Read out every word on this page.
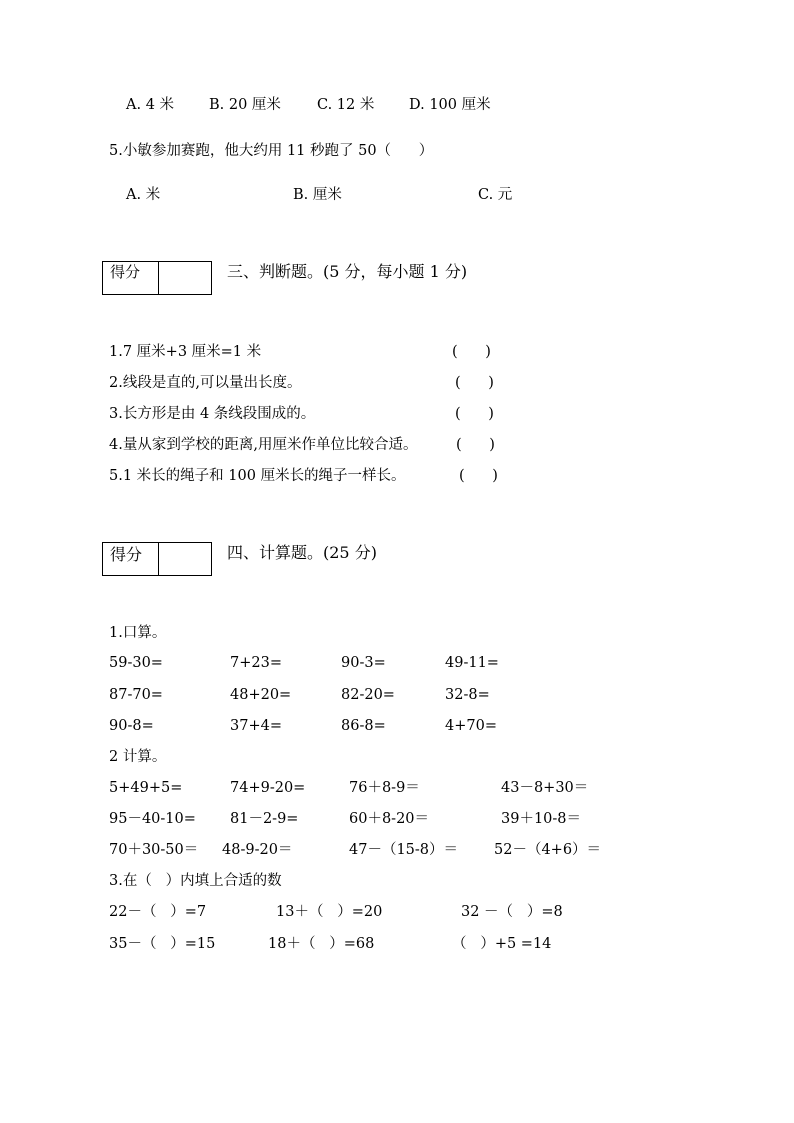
A. 4 米 B. 20 厘米 C. 12 米 D. 100 厘米
5.小敏参加赛跑，他大约用 11 秒跑了 50（      ）
A. 米	B. 厘米	C. 元
得分	三、判断题。(5 分，每小题 1 分)
1.7 厘米+3 厘米=1 米	(      )
2.线段是直的,可以量出长度。	(      )
3.长方形是由 4 条线段围成的。	(      )
4.量从家到学校的距离,用厘米作单位比较合适。	(      )
5.1 米长的绳子和 100 厘米长的绳子一样长。	(      )
得分	四、计算题。(25 分)
1.口算。
59-30=	7+23=	90-3=	49-11=
87-70=	48+20=	82-20=	32-8=
90-8=	37+4=	86-8=	4+70=
2 计算。
5+49+5=	74+9-20=	76＋8-9＝	43－8+30＝
95－40-10= 81－2-9=	60＋8-20＝	39＋10-8＝
70＋30-50＝ 48-9-20＝	47－（15-8）＝ 52－（4+6）＝
3.在（   ）内填上合适的数
22－（   ）=7	13＋（   ）=20	32 －（   ）=8
35－（   ）=15	18＋（   ）=68	（   ）+5 =14
